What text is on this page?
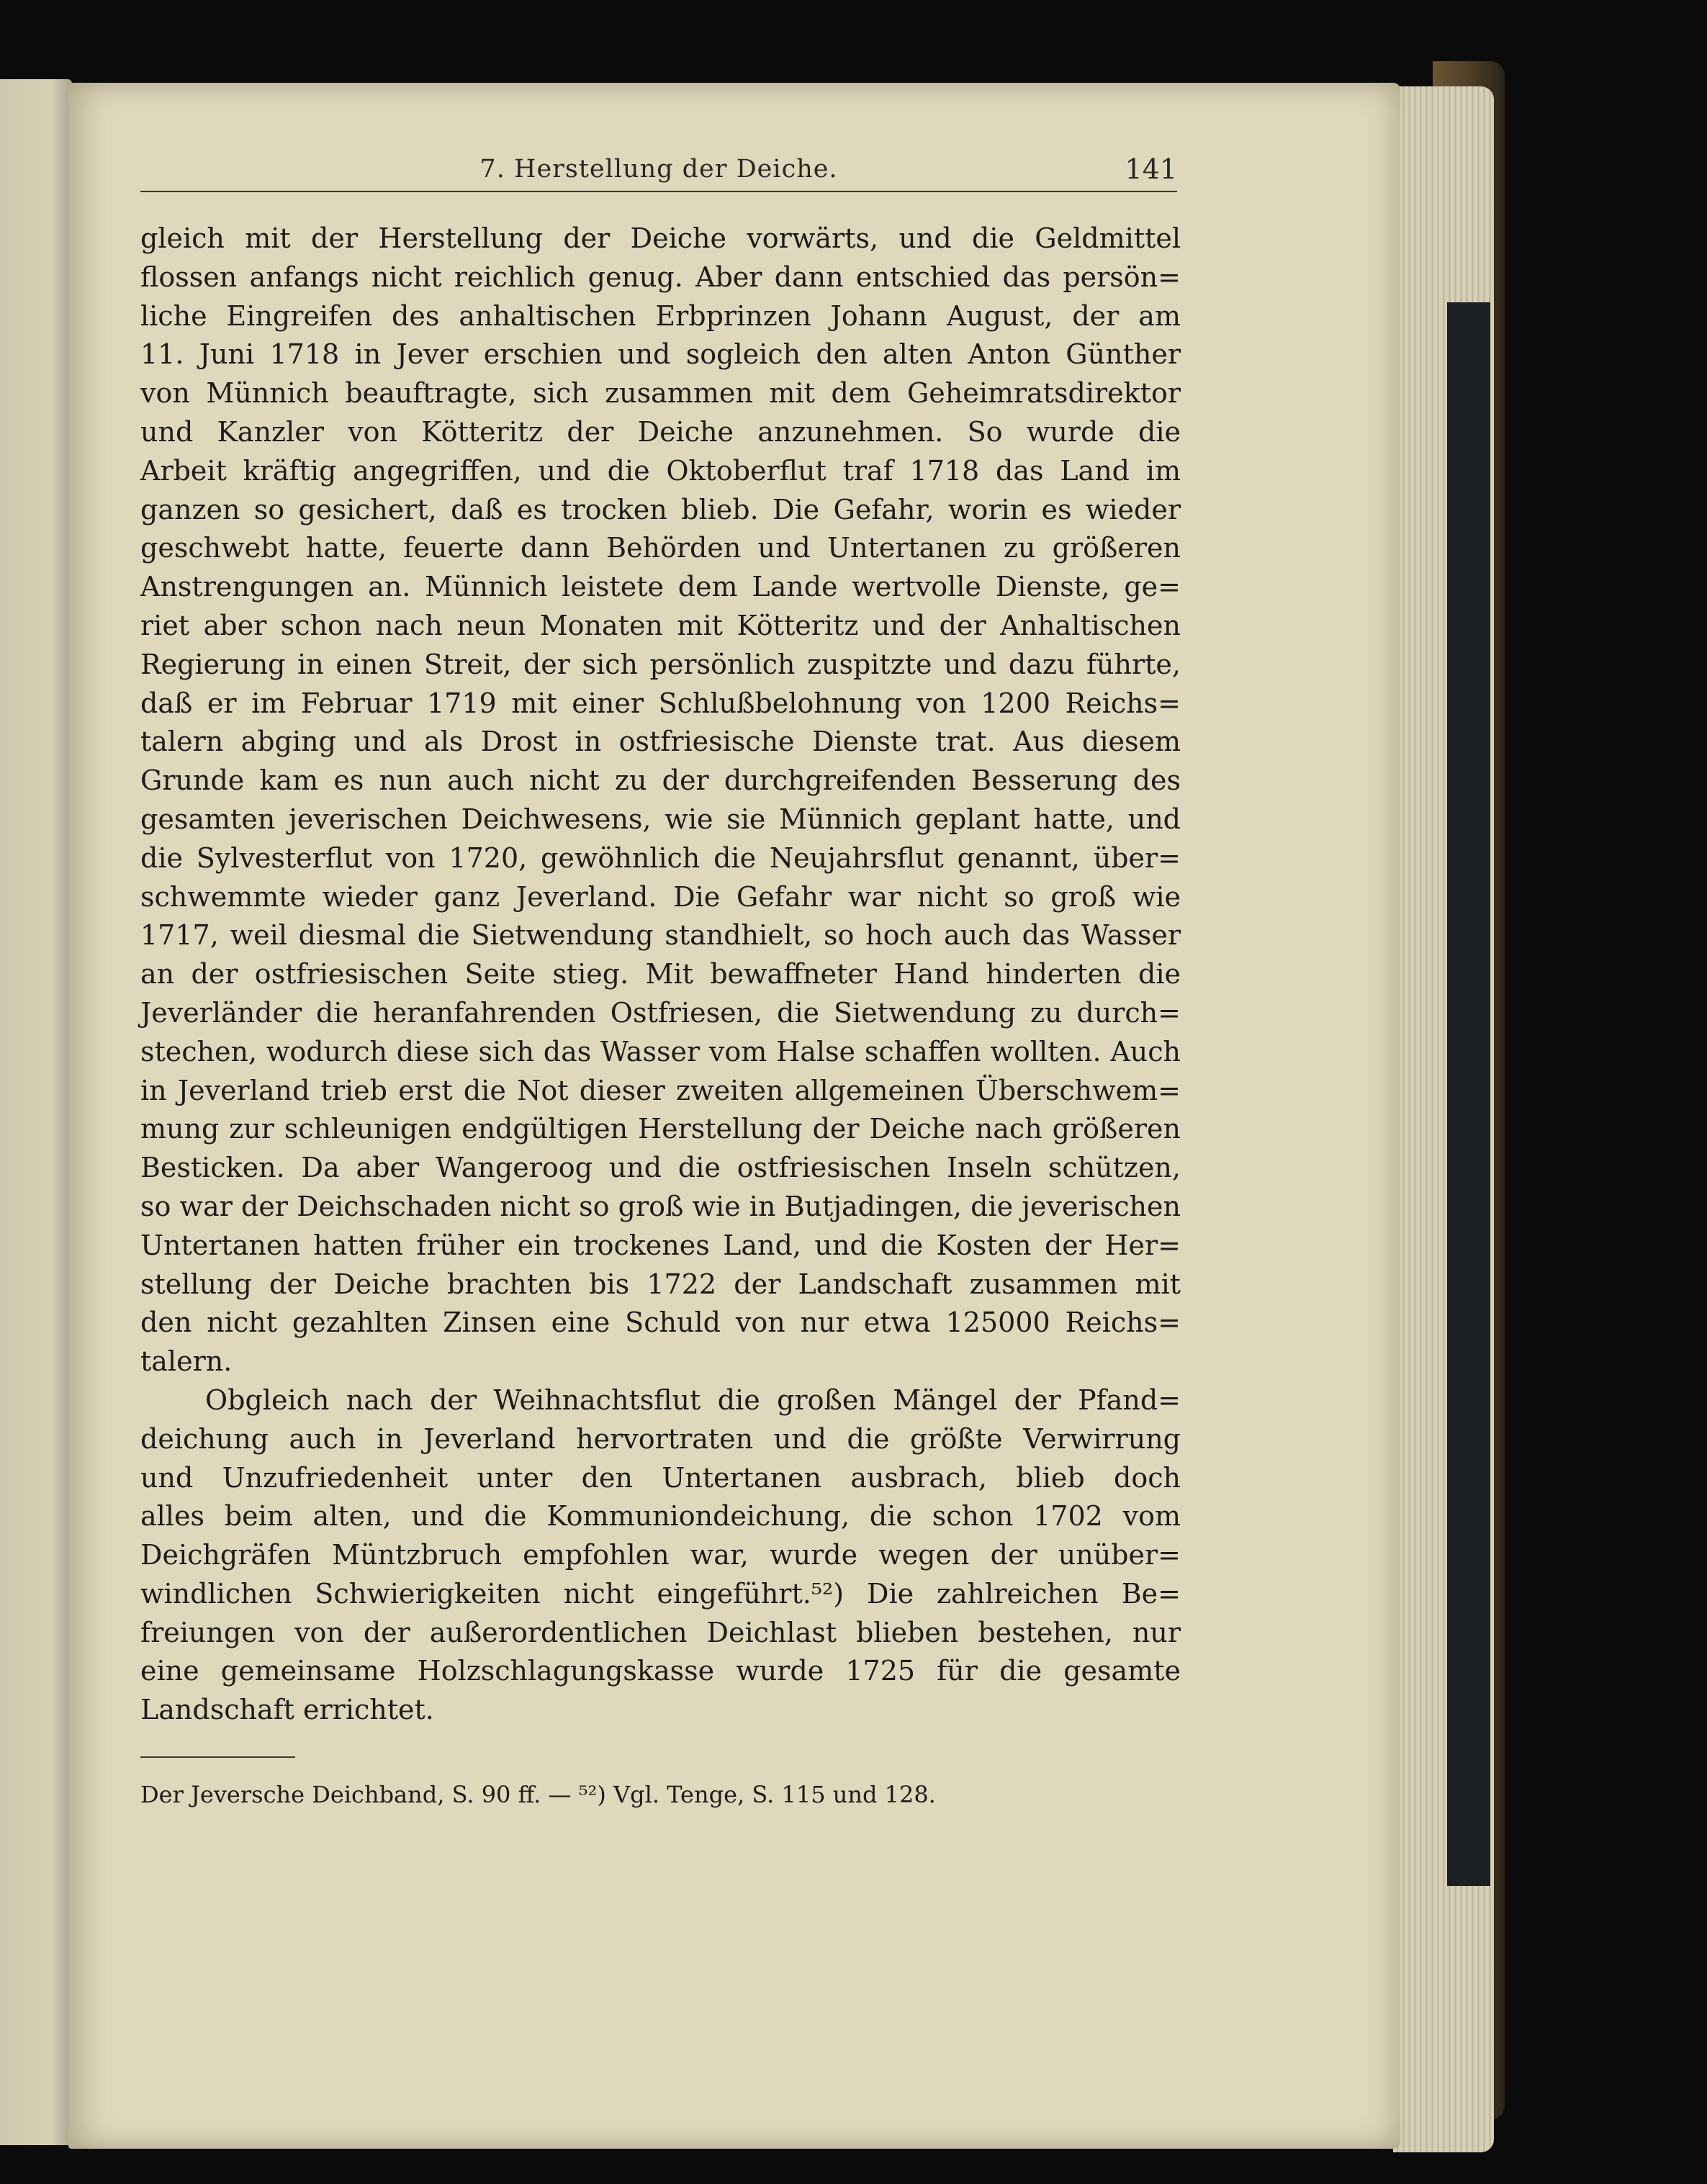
7. Herstellung der Deiche.	141
gleich mit der Herstellung der Deiche vorwärts, und die Geldmittel
flossen anfangs nicht reichlich genug. Aber dann entschied das persön=
liche Eingreifen des anhaltischen Erbprinzen Johann August, der am
11. Juni 1718 in Jever erschien und sogleich den alten Anton Günther
von Münnich beauftragte, sich zusammen mit dem Geheimratsdirektor
und Kanzler von Kötteritz der Deiche anzunehmen. So wurde die
Arbeit kräftig angegriffen, und die Oktoberflut traf 1718 das Land im
ganzen so gesichert, daß es trocken blieb. Die Gefahr, worin es wieder
geschwebt hatte, feuerte dann Behörden und Untertanen zu größeren
Anstrengungen an. Münnich leistete dem Lande wertvolle Dienste, ge=
riet aber schon nach neun Monaten mit Kötteritz und der Anhaltischen
Regierung in einen Streit, der sich persönlich zuspitzte und dazu führte,
daß er im Februar 1719 mit einer Schlußbelohnung von 1200 Reichs=
talern abging und als Drost in ostfriesische Dienste trat. Aus diesem
Grunde kam es nun auch nicht zu der durchgreifenden Besserung des
gesamten jeverischen Deichwesens, wie sie Münnich geplant hatte, und
die Sylvesterflut von 1720, gewöhnlich die Neujahrsflut genannt, über=
schwemmte wieder ganz Jeverland. Die Gefahr war nicht so groß wie
1717, weil diesmal die Sietwendung standhielt, so hoch auch das Wasser
an der ostfriesischen Seite stieg. Mit bewaffneter Hand hinderten die
Jeverländer die heranfahrenden Ostfriesen, die Sietwendung zu durch=
stechen, wodurch diese sich das Wasser vom Halse schaffen wollten. Auch
in Jeverland trieb erst die Not dieser zweiten allgemeinen Überschwem=
mung zur schleunigen endgültigen Herstellung der Deiche nach größeren
Besticken. Da aber Wangeroog und die ostfriesischen Inseln schützen,
so war der Deichschaden nicht so groß wie in Butjadingen, die jeverischen
Untertanen hatten früher ein trockenes Land, und die Kosten der Her=
stellung der Deiche brachten bis 1722 der Landschaft zusammen mit
den nicht gezahlten Zinsen eine Schuld von nur etwa 125000 Reichs=
talern.
Obgleich nach der Weihnachtsflut die großen Mängel der Pfand=
deichung auch in Jeverland hervortraten und die größte Verwirrung
und Unzufriedenheit unter den Untertanen ausbrach, blieb doch
alles beim alten, und die Kommuniondeichung, die schon 1702 vom
Deichgräfen Müntzbruch empfohlen war, wurde wegen der unüber=
windlichen Schwierigkeiten nicht eingeführt.⁵²) Die zahlreichen Be=
freiungen von der außerordentlichen Deichlast blieben bestehen, nur
eine gemeinsame Holzschlagungskasse wurde 1725 für die gesamte
Landschaft errichtet.
Der Jeversche Deichband, S. 90 ff. — ⁵²) Vgl. Tenge, S. 115 und 128.
